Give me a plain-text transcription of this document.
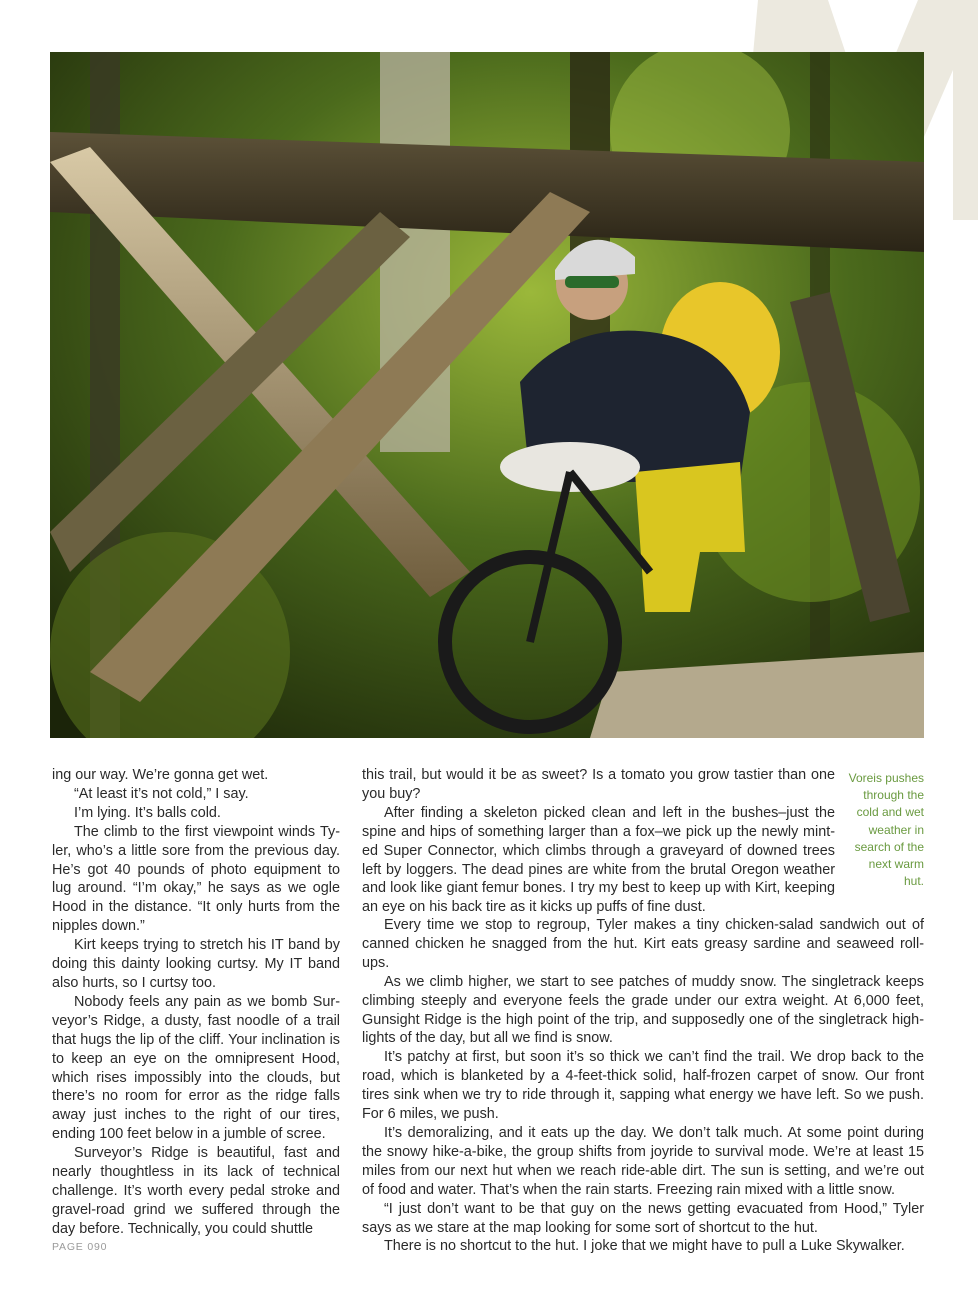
ing our way. We’re gonna get wet.

“At least it’s not cold,” I say.

I’m lying. It’s balls cold.

The climb to the first viewpoint winds Tyler, who’s a little sore from the previous day. He’s got 40 pounds of photo equipment to lug around. “I’m okay,” he says as we ogle Hood in the distance. “It only hurts from the nipples down.”

Kirt keeps trying to stretch his IT band by doing this dainty looking curtsy. My IT band also hurts, so I curtsy too.

Nobody feels any pain as we bomb Surveyor’s Ridge, a dusty, fast noodle of a trail that hugs the lip of the cliff. Your inclination is to keep an eye on the omnipresent Hood, which rises impossibly into the clouds, but there’s no room for error as the ridge falls away just inches to the right of our tires, ending 100 feet below in a jumble of scree.

Surveyor’s Ridge is beautiful, fast and nearly thoughtless in its lack of technical challenge. It’s worth every pedal stroke and gravel-road grind we suffered through the day before. Technically, you could shuttle

this trail, but would it be as sweet? Is a tomato you grow tastier than one you buy?

After finding a skeleton picked clean and left in the bushes–just the spine and hips of something larger than a fox–we pick up the newly minted Super Connector, which climbs through a graveyard of downed trees left by loggers. The dead pines are white from the brutal Oregon weather and look like giant femur bones. I try my best to keep up with Kirt, keeping an eye on his back tire as it kicks up puffs of fine dust.

Every time we stop to regroup, Tyler makes a tiny chicken-salad sandwich out of canned chicken he snagged from the hut. Kirt eats greasy sardine and seaweed roll-ups.

As we climb higher, we start to see patches of muddy snow. The singletrack keeps climbing steeply and everyone feels the grade under our extra weight. At 6,000 feet, Gunsight Ridge is the high point of the trip, and supposedly one of the singletrack highlights of the day, but all we find is snow.

It’s patchy at first, but soon it’s so thick we can’t find the trail. We drop back to the road, which is blanketed by a 4-feet-thick solid, half-frozen carpet of snow. Our front tires sink when we try to ride through it, sapping what energy we have left. So we push. For 6 miles, we push.

It’s demoralizing, and it eats up the day. We don’t talk much. At some point during the snowy hike-a-bike, the group shifts from joyride to survival mode. We’re at least 15 miles from our next hut when we reach ride-able dirt. The sun is setting, and we’re out of food and water. That’s when the rain starts. Freezing rain mixed with a little snow.

“I just don’t want to be that guy on the news getting evacuated from Hood,” Tyler says as we stare at the map looking for some sort of shortcut to the hut.

There is no shortcut to the hut. I joke that we might have to pull a Luke Skywalker.

Voreis pushes through the cold and wet weather in search of the next warm hut.
PAGE 090
